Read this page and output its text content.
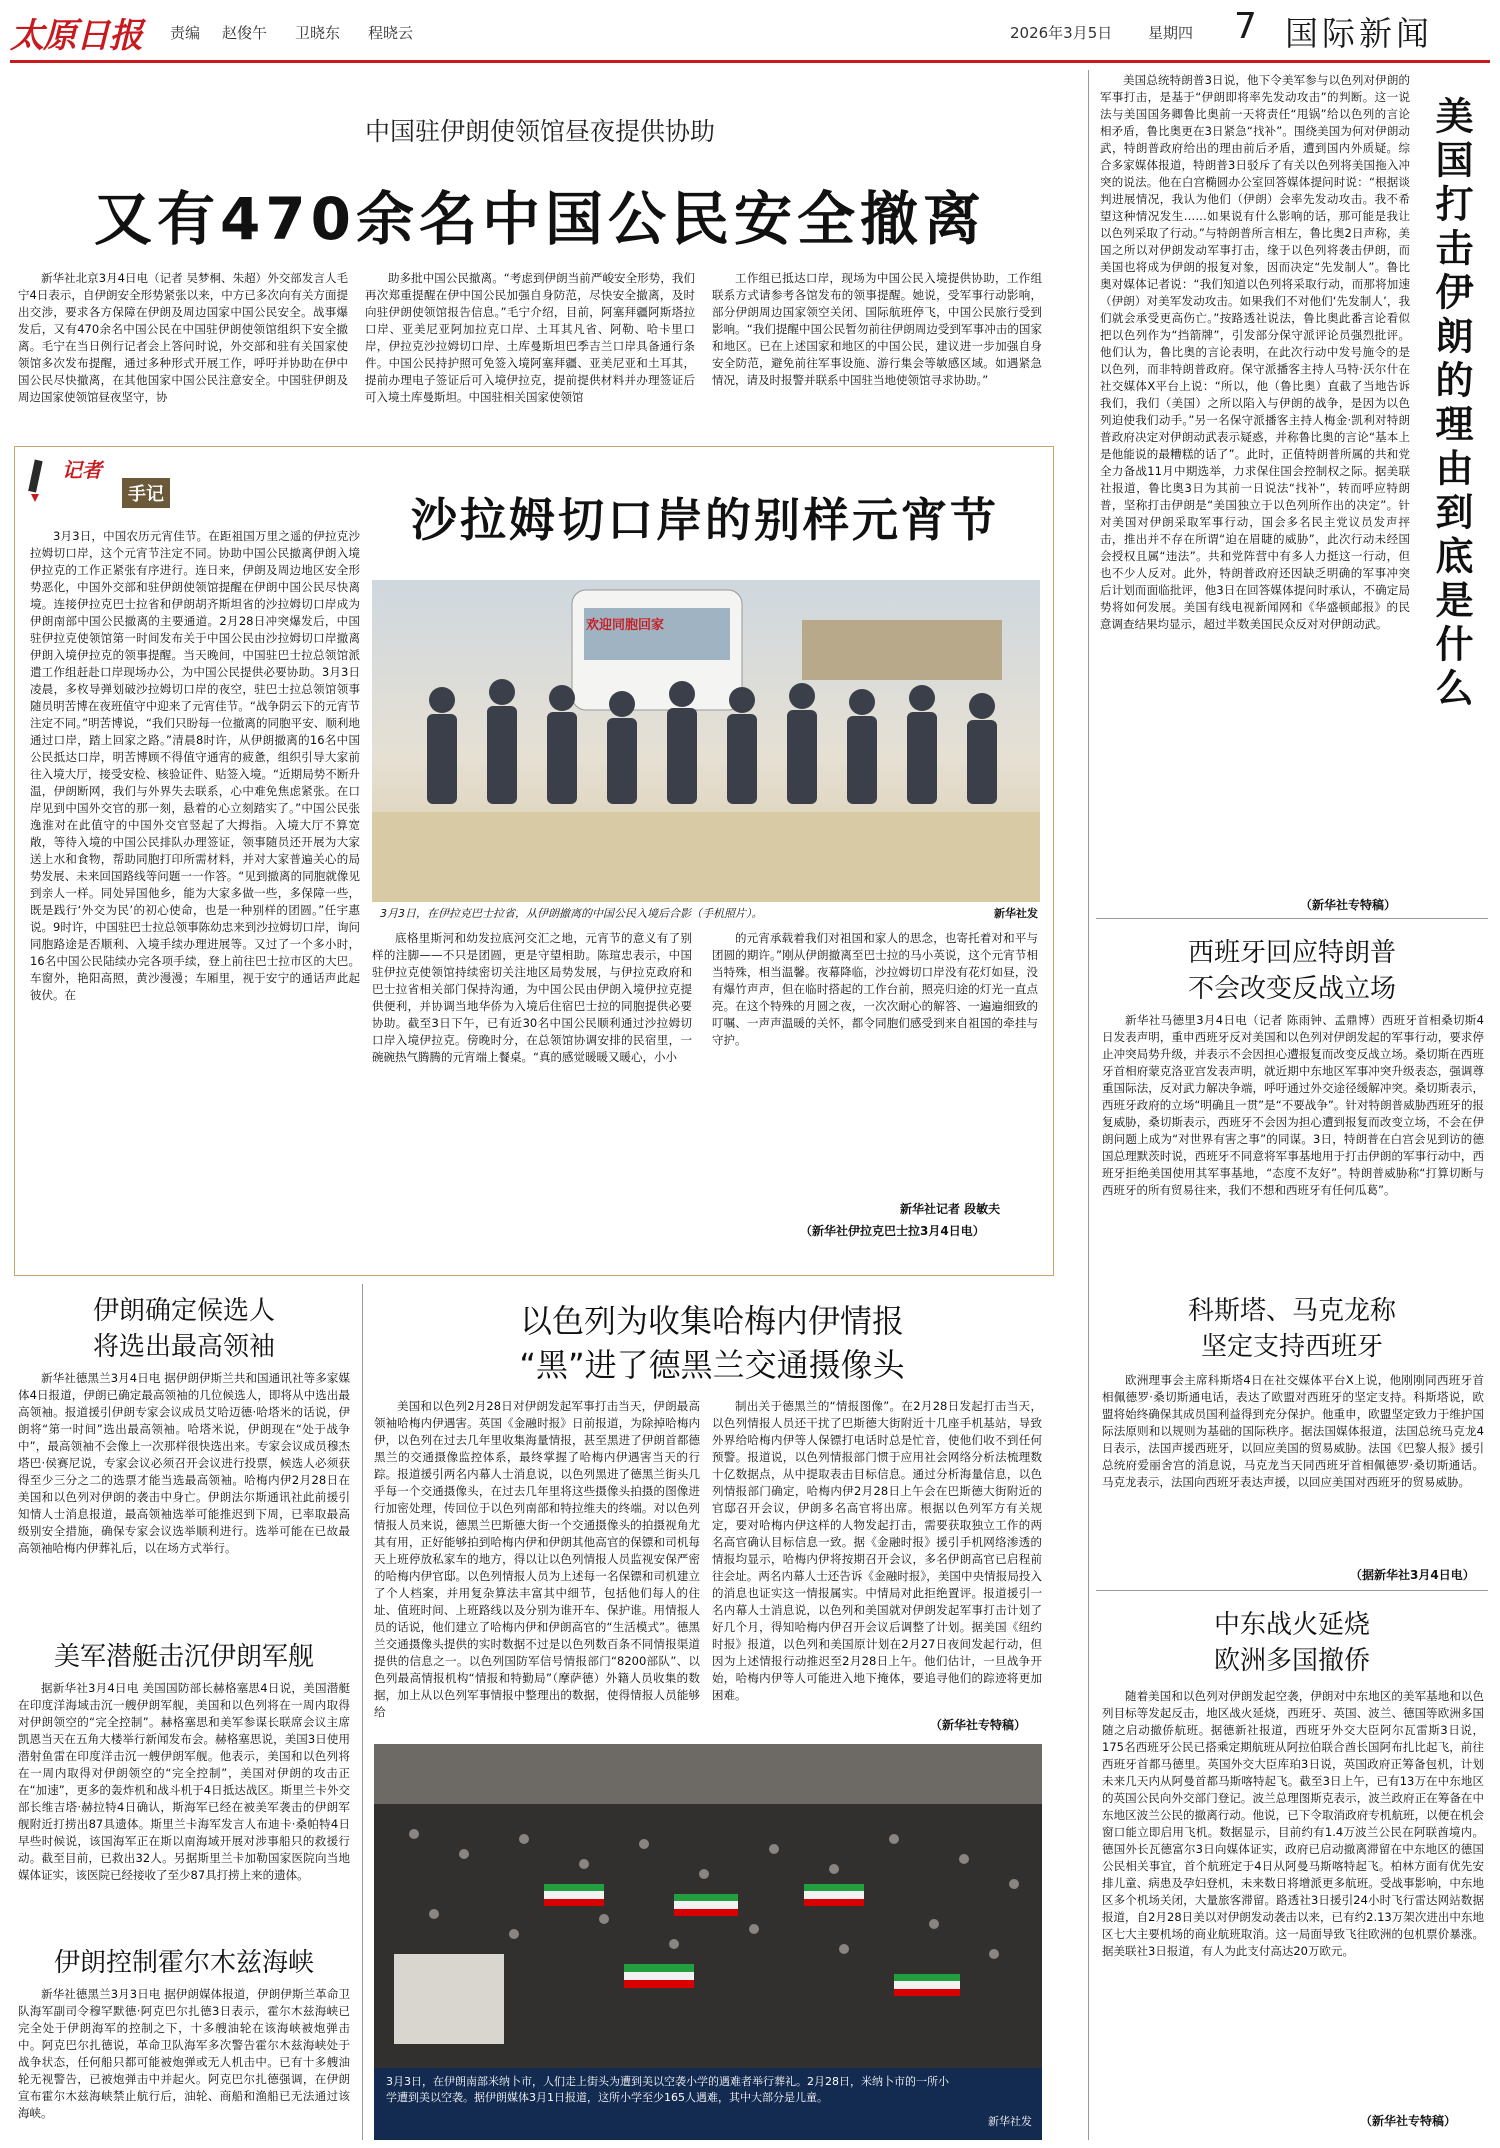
太原日报 责编 赵俊午 卫晓东 程晓云	2026年3月5日 星期四 7 国际新闻
中国驻伊朗使领馆昼夜提供协助
又有470余名中国公民安全撤离
新华社北京3月4日电（记者 吴梦桐、朱超）外交部发言人毛宁4日表示，自伊朗安全形势紧张以来，中方已多次向有关方面提出交涉，要求各方保障在伊朗及周边国家中国公民安全。战事爆发后，又有470余名中国公民在中国驻伊朗使领馆组织下安全撤离。毛宁在当日例行记者会上答问时说，外交部和驻有关国家使领馆多次发布提醒，通过多种形式开展工作，呼吁并协助在伊中国公民尽快撤离，在其他国家中国公民注意安全。中国驻伊朗及周边国家使领馆昼夜坚守，协
助多批中国公民撤离。“考虑到伊朗当前严峻安全形势，我们再次郑重提醒在伊中国公民加强自身防范，尽快安全撤离，及时向驻伊朗使领馆报告信息。”毛宁介绍，目前，阿塞拜疆阿斯塔拉口岸、亚美尼亚阿加拉克口岸、土耳其凡省、阿勒、哈卡里口岸，伊拉克沙拉姆切口岸、土库曼斯坦巴季吉兰口岸具备通行条件。中国公民持护照可免签入境阿塞拜疆、亚美尼亚和土耳其，提前办理电子签证后可入境伊拉克，提前提供材料并办理签证后可入境土库曼斯坦。中国驻相关国家使领馆
工作组已抵达口岸，现场为中国公民入境提供协助，工作组联系方式请参考各馆发布的领事提醒。她说，受军事行动影响，部分伊朗周边国家领空关闭、国际航班停飞，中国公民旅行受到影响。“我们提醒中国公民暂勿前往伊朗周边受到军事冲击的国家和地区。已在上述国家和地区的中国公民，建议进一步加强自身安全防范，避免前往军事设施、游行集会等敏感区域。如遇紧急情况，请及时报警并联系中国驻当地使领馆寻求协助。”
记者
手记	沙拉姆切口岸的别样元宵节
3月3日，中国农历元宵佳节。在距祖国万里之遥的伊拉克沙拉姆切口岸，这个元宵节注定不同。协助中国公民撤离伊朗入境伊拉克的工作正紧张有序进行。连日来，伊朗及周边地区安全形势恶化，中国外交部和驻伊朗使领馆提醒在伊朗中国公民尽快离境。连接伊拉克巴士拉省和伊朗胡齐斯坦省的沙拉姆切口岸成为伊朗南部中国公民撤离的主要通道。2月28日冲突爆发后，中国驻伊拉克使领馆第一时间发布关于中国公民由沙拉姆切口岸撤离伊朗入境伊拉克的领事提醒。当天晚间，中国驻巴士拉总领馆派遣工作组赶赴口岸现场办公，为中国公民提供必要协助。3月3日凌晨，多枚导弹划破沙拉姆切口岸的夜空，驻巴士拉总领馆领事随员明苦博在夜班值守中迎来了元宵佳节。“战争阴云下的元宵节注定不同。”明苦博说，“我们只盼每一位撤离的同胞平安、顺利地通过口岸，踏上回家之路。”清晨8时许，从伊朗撤离的16名中国公民抵达口岸，明苦博顾不得值守通宵的疲惫，组织引导大家前往入境大厅，接受安检、核验证件、贴签入境。“近期局势不断升温，伊朗断网，我们与外界失去联系，心中难免焦虑紧张。在口岸见到中国外交官的那一刻，悬着的心立刻踏实了。”中国公民张逸淮对在此值守的中国外交官竖起了大拇指。入境大厅不算宽敞，等待入境的中国公民排队办理签证，领事随员还开展为大家送上水和食物，帮助同胞打印所需材料，并对大家普遍关心的局势发展、未来回国路线等问题一一作答。“见到撤离的同胞就像见到亲人一样。同处异国他乡，能为大家多做一些，多保障一些，既是践行‘外交为民’的初心使命，也是一种别样的团圆。”任宇惠说。9时许，中国驻巴士拉总领事陈幼忠来到沙拉姆切口岸，询问同胞路途是否顺利、入境手续办理进展等。又过了一个多小时，16名中国公民陆续办完各项手续，登上前往巴士拉市区的大巴。车窗外，艳阳高照，黄沙漫漫；车厢里，视于安宁的通话声此起彼伏。在
欢迎同胞回家
3月3日，在伊拉克巴士拉省，从伊朗撤离的中国公民入境后合影（手机照片）。	新华社发
底格里斯河和幼发拉底河交汇之地，元宵节的意义有了别样的注脚——不只是团圆，更是守望相助。陈瑄忠表示，中国驻伊拉克使领馆持续密切关注地区局势发展，与伊拉克政府和巴士拉省相关部门保持沟通，为中国公民由伊朗入境伊拉克提供便利，并协调当地华侨为入境后住宿巴士拉的同胞提供必要协助。截至3日下午，已有近30名中国公民顺利通过沙拉姆切口岸入境伊拉克。傍晚时分，在总领馆协调安排的民宿里，一碗碗热气腾腾的元宵端上餐桌。“真的感觉暖暖又暖心，小小
的元宵承载着我们对祖国和家人的思念，也寄托着对和平与团圆的期许。”刚从伊朗撤离至巴士拉的马小英说，这个元宵节相当特殊，相当温馨。夜幕降临，沙拉姆切口岸没有花灯如昼，没有爆竹声声，但在临时搭起的工作台前，照亮归途的灯光一直点亮。在这个特殊的月圆之夜，一次次耐心的解答、一遍遍细致的叮嘱、一声声温暖的关怀，都令同胞们感受到来自祖国的牵挂与守护。
新华社记者 段敏夫
（新华社伊拉克巴士拉3月4日电）
伊朗确定候选人
将选出最高领袖
新华社德黑兰3月4日电 据伊朗伊斯兰共和国通讯社等多家媒体4日报道，伊朗已确定最高领袖的几位候选人，即将从中选出最高领袖。报道援引伊朗专家会议成员艾哈迈德·哈塔米的话说，伊朗将“第一时间”选出最高领袖。哈塔米说，伊朗现在“处于战争中”，最高领袖不会像上一次那样很快选出来。专家会议成员穆杰塔巴·侯赛尼说，专家会议必须召开会议进行投票，候选人必须获得至少三分之二的选票才能当选最高领袖。哈梅内伊2月28日在美国和以色列对伊朗的袭击中身亡。伊朗法尔斯通讯社此前援引知情人士消息报道，最高领袖选举可能推迟到下周，已率取最高级别安全措施，确保专家会议选举顺利进行。选举可能在已故最高领袖哈梅内伊葬礼后，以在场方式举行。
美军潜艇击沉伊朗军舰
据新华社3月4日电 美国国防部长赫格塞思4日说，美国潜艇在印度洋海域击沉一艘伊朗军舰，美国和以色列将在一周内取得对伊朗领空的“完全控制”。赫格塞思和美军参谋长联席会议主席凯恩当天在五角大楼举行新闻发布会。赫格塞思说，美国3日使用潜射鱼雷在印度洋击沉一艘伊朗军舰。他表示，美国和以色列将在一周内取得对伊朗领空的“完全控制”，美国对伊朗的攻击正在“加速”，更多的轰炸机和战斗机于4日抵达战区。斯里兰卡外交部长维吉塔·赫拉特4日确认，斯海军已经在被美军袭击的伊朗军舰附近打捞出87具遗体。斯里兰卡海军发言人布迪卡·桑帕特4日早些时候说，该国海军正在斯以南海域开展对涉事船只的救援行动。截至目前，已救出32人。另据斯里兰卡加勒国家医院向当地媒体证实，该医院已经接收了至少87具打捞上来的遗体。
伊朗控制霍尔木兹海峡
新华社德黑兰3月3日电 据伊朗媒体报道，伊朗伊斯兰革命卫队海军副司令穆罕默德·阿克巴尔扎德3日表示，霍尔木兹海峡已完全处于伊朗海军的控制之下，十多艘油轮在该海峡被炮弹击中。阿克巴尔扎德说，革命卫队海军多次警告霍尔木兹海峡处于战争状态，任何船只都可能被炮弹或无人机击中。已有十多艘油轮无视警告，已被炮弹击中并起火。阿克巴尔扎德强调，在伊朗宣布霍尔木兹海峡禁止航行后，油轮、商船和渔船已无法通过该海峡。
以色列为收集哈梅内伊情报
“黑”进了德黑兰交通摄像头
美国和以色列2月28日对伊朗发起军事打击当天，伊朗最高领袖哈梅内伊遇害。英国《金融时报》日前报道，为除掉哈梅内伊，以色列在过去几年里收集海量情报，甚至黑进了伊朗首都德黑兰的交通摄像监控体系，最终掌握了哈梅内伊遇害当天的行踪。报道援引两名内幕人士消息说，以色列黑进了德黑兰街头几乎每一个交通摄像头，在过去几年里将这些摄像头拍摄的图像进行加密处理，传回位于以色列南部和特拉维夫的终端。对以色列情报人员来说，德黑兰巴斯德大街一个交通摄像头的拍摄视角尤其有用，正好能够拍到哈梅内伊和伊朗其他高官的保镖和司机每天上班停放私家车的地方，得以让以色列情报人员监视安保严密的哈梅内伊官邸。以色列情报人员为上述每一名保镖和司机建立了个人档案，并用复杂算法丰富其中细节，包括他们每人的住址、值班时间、上班路线以及分别为谁开车、保护谁。用情报人员的话说，他们建立了哈梅内伊和伊朗高官的“生活模式”。德黑兰交通摄像头提供的实时数据不过是以色列数百条不同情报渠道提供的信息之一。以色列国防军信号情报部门“8200部队”、以色列最高情报机构“情报和特勤局”（摩萨德）外籍人员收集的数据，加上从以色列军事情报中整理出的数据，使得情报人员能够给
制出关于德黑兰的“情报图像”。在2月28日发起打击当天，以色列情报人员还干扰了巴斯德大街附近十几座手机基站，导致外界给哈梅内伊等人保镖打电话时总是忙音，使他们收不到任何预警。报道说，以色列情报部门惯于应用社会网络分析法梳理数十亿数据点，从中提取表击目标信息。通过分析海量信息，以色列情报部门确定，哈梅内伊2月28日上午会在巴斯德大街附近的官邸召开会议，伊朗多名高官将出席。根据以色列军方有关规定，要对哈梅内伊这样的人物发起打击，需要获取独立工作的两名高官确认目标信息一致。据《金融时报》援引手机网络渗透的情报均显示，哈梅内伊将按期召开会议，多名伊朗高官已启程前往会址。两名内幕人士还告诉《金融时报》，美国中央情报局投入的消息也证实这一情报属实。中情局对此拒绝置评。报道援引一名内幕人士消息说，以色列和美国就对伊朗发起军事打击计划了好几个月，得知哈梅内伊召开会议后调整了计划。据美国《纽约时报》报道，以色列和美国原计划在2月27日夜间发起行动，但因为上述情报行动推迟至2月28日上午。他们估计，一旦战争开始，哈梅内伊等人可能进入地下掩体，要追寻他们的踪迹将更加困难。
（新华社专特稿）
3月3日，在伊朗南部米纳卜市，人们走上街头为遭到美以空袭小学的遇难者举行葬礼。2月28日，米纳卜市的一所小学遭到美以空袭。据伊朗媒体3月1日报道，这所小学至少165人遇难，其中大部分是儿童。
新华社发
美国总统特朗普3日说，他下令美军参与以色列对伊朗的军事打击，是基于“伊朗即将率先发动攻击”的判断。这一说法与美国国务卿鲁比奥前一天将责任“甩锅”给以色列的言论相矛盾，鲁比奥更在3日紧急“找补”。围绕美国为何对伊朗动武，特朗普政府给出的理由前后矛盾，遭到国内外质疑。综合多家媒体报道，特朗普3日驳斥了有关以色列将美国拖入冲突的说法。他在白宫椭圆办公室回答媒体提问时说：“根据谈判进展情况，我认为他们（伊朗）会率先发动攻击。我不希望这种情况发生……如果说有什么影响的话，那可能是我让以色列采取了行动。”与特朗普所言相左，鲁比奥2日声称，美国之所以对伊朗发动军事打击，缘于以色列将袭击伊朗，而美国也将成为伊朗的报复对象，因而决定“先发制人”。鲁比奥对媒体记者说：“我们知道以色列将采取行动，而那将加速（伊朗）对美军发动攻击。如果我们不对他们‘先发制人’，我们就会承受更高伤亡。”按路透社说法，鲁比奥此番言论看似把以色列作为“挡箭牌”，引发部分保守派评论员强烈批评。他们认为，鲁比奥的言论表明，在此次行动中发号施令的是以色列，而非特朗普政府。保守派播客主持人马特·沃尔什在社交媒体X平台上说：“所以，他（鲁比奥）直截了当地告诉我们，我们（美国）之所以陷入与伊朗的战争，是因为以色列迫使我们动手。”另一名保守派播客主持人梅金·凯利对特朗普政府决定对伊朗动武表示疑惑，并称鲁比奥的言论“基本上是他能说的最糟糕的话了”。此时，正值特朗普所属的共和党全力备战11月中期选举，力求保住国会控制权之际。据美联社报道，鲁比奥3日为其前一日说法“找补”，转而呼应特朗普，坚称打击伊朗是“美国独立于以色列所作出的决定”。针对美国对伊朗采取军事行动，国会多名民主党议员发声抨击，推出并不存在所谓“迫在眉睫的威胁”，此次行动未经国会授权且属“违法”。共和党阵营中有多人力挺这一行动，但也不少人反对。此外，特朗普政府还因缺乏明确的军事冲突后计划而面临批评，他3日在回答媒体提问时承认，不确定局势将如何发展。美国有线电视新闻网和《华盛顿邮报》的民意调查结果均显示，超过半数美国民众反对对伊朗动武。	美国打击伊朗的理由到底是什么
（新华社专特稿）
西班牙回应特朗普
不会改变反战立场
新华社马德里3月4日电（记者 陈雨钟、孟鼎博）西班牙首相桑切斯4日发表声明，重申西班牙反对美国和以色列对伊朗发起的军事行动，要求停止冲突局势升级，并表示不会因担心遭报复而改变反战立场。桑切斯在西班牙首相府蒙克洛亚宫发表声明，就近期中东地区军事冲突升级表态，强调尊重国际法，反对武力解决争端，呼吁通过外交途径缓解冲突。桑切斯表示，西班牙政府的立场“明确且一贯”是“不要战争”。针对特朗普威胁西班牙的报复威胁，桑切斯表示，西班牙不会因为担心遭到报复而改变立场，不会在伊朗问题上成为“对世界有害之事”的同谋。3日，特朗普在白宫会见到访的德国总理默茨时说，西班牙不同意将军事基地用于打击伊朗的军事行动中，西班牙拒绝美国使用其军事基地，“态度不友好”。特朗普威胁称“打算切断与西班牙的所有贸易往来，我们不想和西班牙有任何瓜葛”。
科斯塔、马克龙称
坚定支持西班牙
欧洲理事会主席科斯塔4日在社交媒体平台X上说，他刚刚同西班牙首相佩德罗·桑切斯通电话，表达了欧盟对西班牙的坚定支持。科斯塔说，欧盟将始终确保其成员国利益得到充分保护。他重申，欧盟坚定致力于维护国际法原则和以规则为基础的国际秩序。据法国媒体报道，法国总统马克龙4日表示，法国声援西班牙，以回应美国的贸易威胁。法国《巴黎人报》援引总统府爱丽舍宫的消息说，马克龙当天同西班牙首相佩德罗·桑切斯通话。马克龙表示，法国向西班牙表达声援，以回应美国对西班牙的贸易威胁。
（据新华社3月4日电）
中东战火延烧
欧洲多国撤侨
随着美国和以色列对伊朗发起空袭，伊朗对中东地区的美军基地和以色列目标等发起反击，地区战火延烧，西班牙、英国、波兰、德国等欧洲多国随之启动撤侨航班。据德新社报道，西班牙外交大臣阿尔瓦雷斯3日说，175名西班牙公民已搭乘定期航班从阿拉伯联合酋长国阿布扎比起飞，前往西班牙首都马德里。英国外交大臣库珀3日说，英国政府正筹备包机，计划未来几天内从阿曼首都马斯喀特起飞。截至3日上午，已有13万在中东地区的英国公民向外交部门登记。波兰总理图斯克表示，波兰政府正在筹备在中东地区波兰公民的撤离行动。他说，已下令取消政府专机航班，以便在机会窗口能立即启用飞机。数据显示，目前约有1.4万波兰公民在阿联酋境内。德国外长瓦德富尔3日向媒体证实，政府已启动撤离滞留在中东地区的德国公民相关事宜，首个航班定于4日从阿曼马斯喀特起飞。柏林方面有优先安排儿童、病患及孕妇登机，未来数日将增派更多航班。受战事影响，中东地区多个机场关闭，大量旅客滞留。路透社3日援引24小时飞行雷达网站数据报道，自2月28日美以对伊朗发动袭击以来，已有约2.13万架次进出中东地区七大主要机场的商业航班取消。这一局面导致飞往欧洲的包机票价暴涨。据美联社3日报道，有人为此支付高达20万欧元。
（新华社专特稿）
